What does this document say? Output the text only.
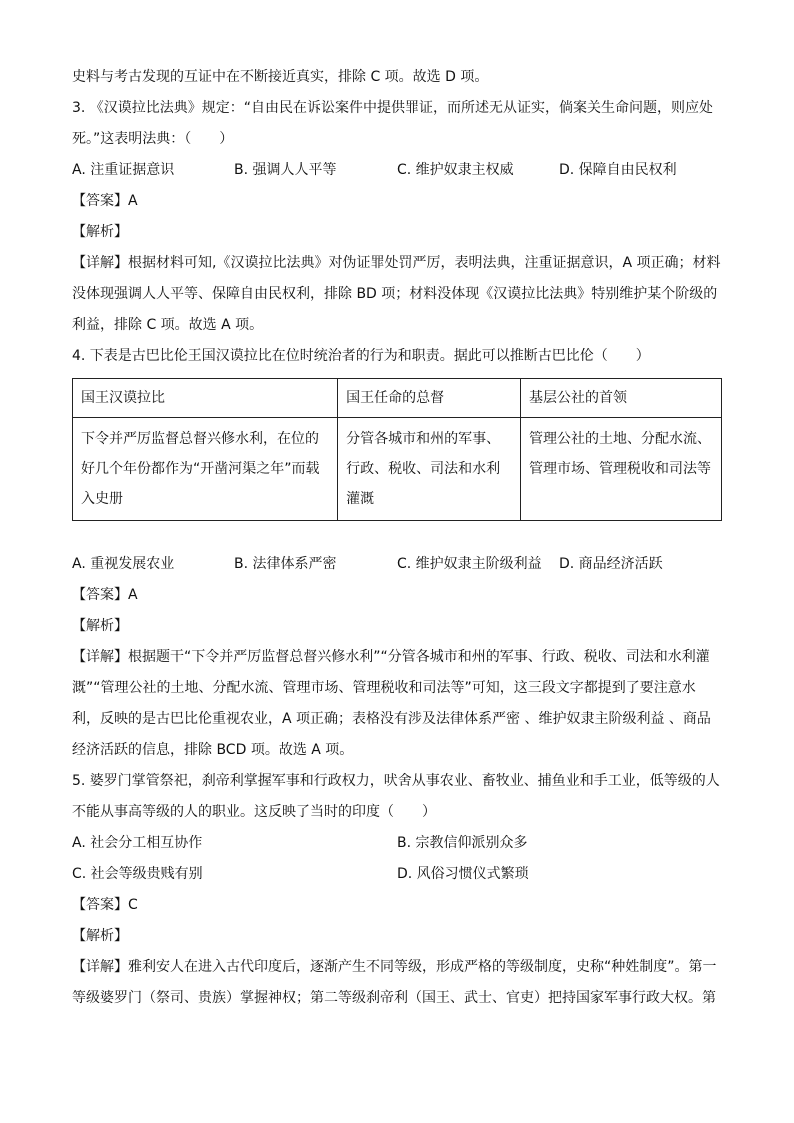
史料与考古发现的互证中在不断接近真实，排除 C 项。故选 D 项。

3. 《汉谟拉比法典》规定：“自由民在诉讼案件中提供罪证，而所述无从证实，倘案关生命问题，则应处

死。”这表明法典：（　　）

A. 注重证据意识	B. 强调人人平等	C. 维护奴隶主权威	D. 保障自由民权利

【答案】A

【解析】

【详解】根据材料可知,《汉谟拉比法典》对伪证罪处罚严厉，表明法典，注重证据意识，A 项正确；材料没体现强调人人平等、保障自由民权利，排除 BD 项；材料没体现《汉谟拉比法典》特别维护某个阶级的利益，排除 C 项。故选 A 项。

4. 下表是古巴比伦王国汉谟拉比在位时统治者的行为和职责。据此可以推断古巴比伦（　　）

国王汉谟拉比	国王任命的总督	基层公社的首领
下令并严厉监督总督兴修水利，在位的好几个年份都作为“开凿河渠之年”而载入史册	分管各城市和州的军事、行政、税收、司法和水利灌溉	管理公社的土地、分配水流、管理市场、管理税收和司法等
A. 重视发展农业	B. 法律体系严密	C. 维护奴隶主阶级利益	D. 商品经济活跃

【答案】A

【解析】

【详解】根据题干“下令并严厉监督总督兴修水利”“分管各城市和州的军事、行政、税收、司法和水利灌溉”“管理公社的土地、分配水流、管理市场、管理税收和司法等”可知，这三段文字都提到了要注意水利，反映的是古巴比伦重视农业，A 项正确；表格没有涉及法律体系严密 、维护奴隶主阶级利益 、商品经济活跃的信息，排除 BCD 项。故选 A 项。

5. 婆罗门掌管祭祀，刹帝利掌握军事和行政权力，吠舍从事农业、畜牧业、捕鱼业和手工业，低等级的人不能从事高等级的人的职业。这反映了当时的印度（　　）

A. 社会分工相互协作	B. 宗教信仰派别众多
C. 社会等级贵贱有别	D. 风俗习惯仪式繁琐

【答案】C

【解析】

【详解】雅利安人在进入古代印度后，逐渐产生不同等级，形成严格的等级制度，史称“种姓制度”。第一等级婆罗门（祭司、贵族）掌握神权；第二等级刹帝利（国王、武士、官吏）把持国家军事行政大权。第
